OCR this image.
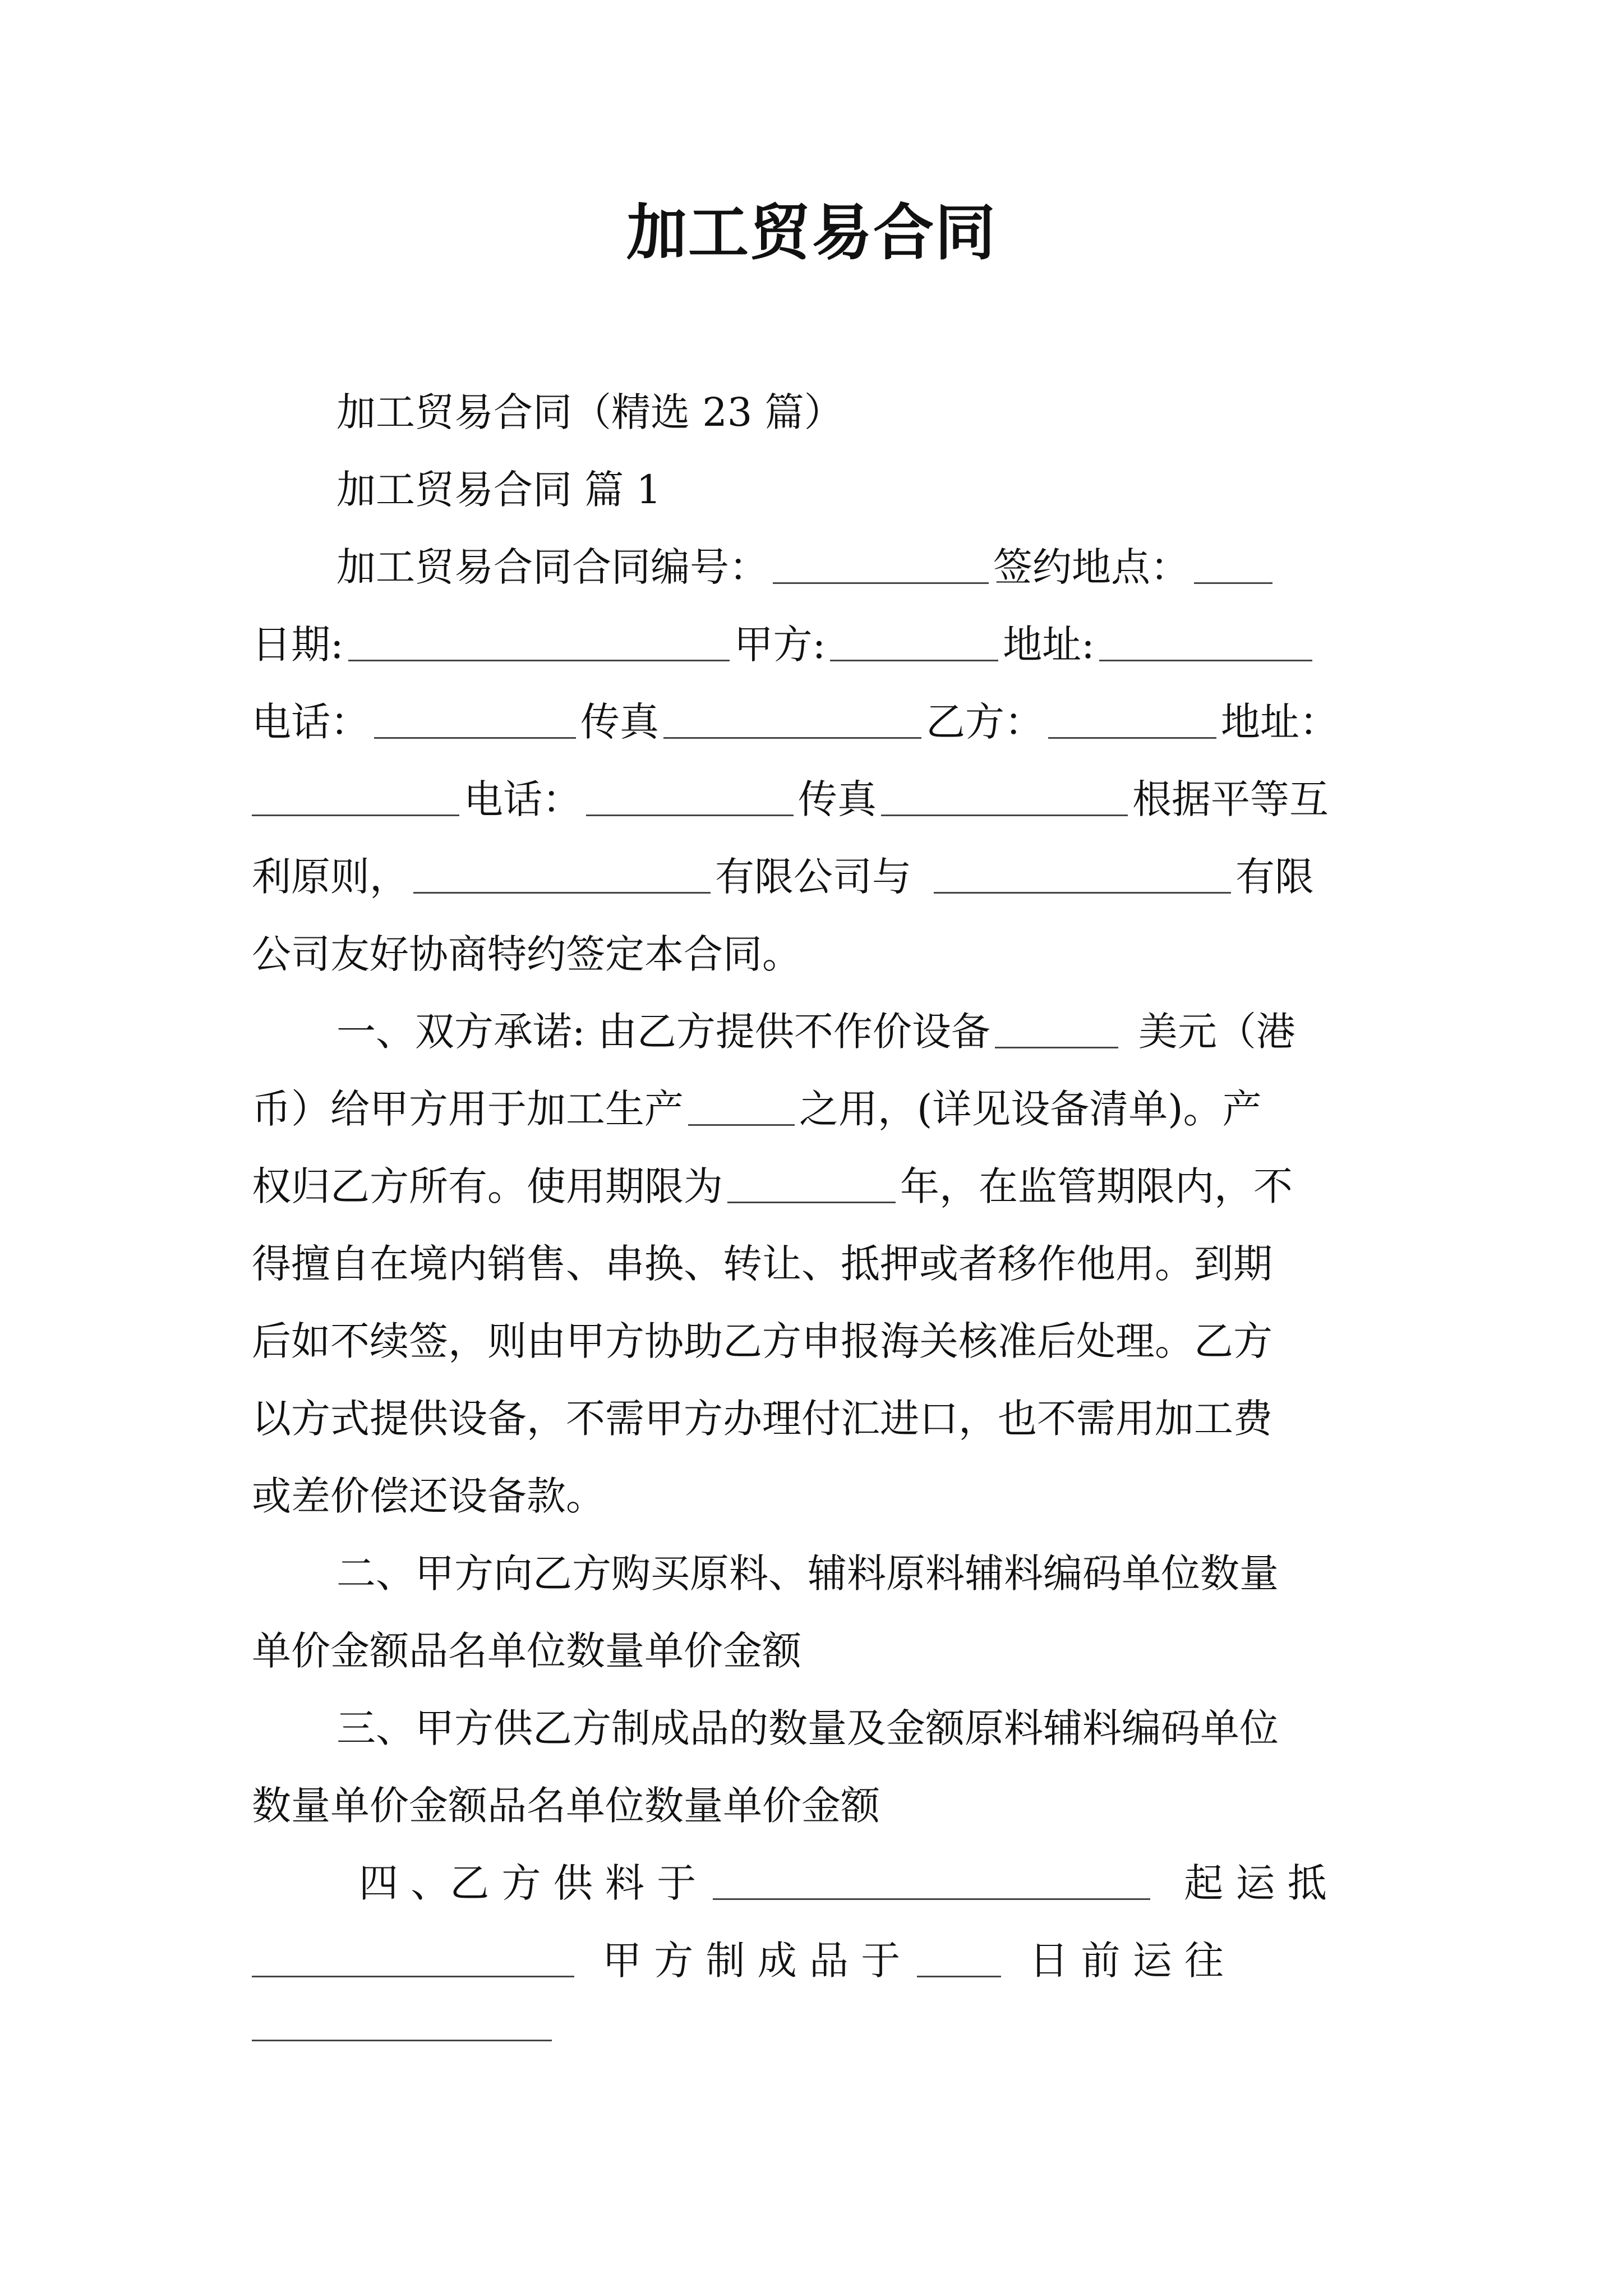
加工贸易合同
加工贸易合同（精选 23 篇）
加工贸易合同 篇 1
加工贸易合同合同编号：	签约地点：
日期:	甲方:	地址:
电话：	传真	乙方：	地址：
电话：	传真	根据平等互
利原则，	有限公司与	有限
公司友好协商特约签定本合同。
一、双方承诺: 由乙方提供不作价设备	美元（港
币）给甲方用于加工生产	之用，(详见设备清单)。产
权归乙方所有。使用期限为	年，在监管期限内，不
得擅自在境内销售、串换、转让、抵押或者移作他用。到期
后如不续签，则由甲方协助乙方申报海关核准后处理。乙方
以方式提供设备，不需甲方办理付汇进口，也不需用加工费
或差价偿还设备款。
二、甲方向乙方购买原料、辅料原料辅料编码单位数量
单价金额品名单位数量单价金额
三、甲方供乙方制成品的数量及金额原料辅料编码单位
数量单价金额品名单位数量单价金额
四 、乙 方 供 料 于	起 运 抵
甲 方 制 成 品 于	日 前 运 往
